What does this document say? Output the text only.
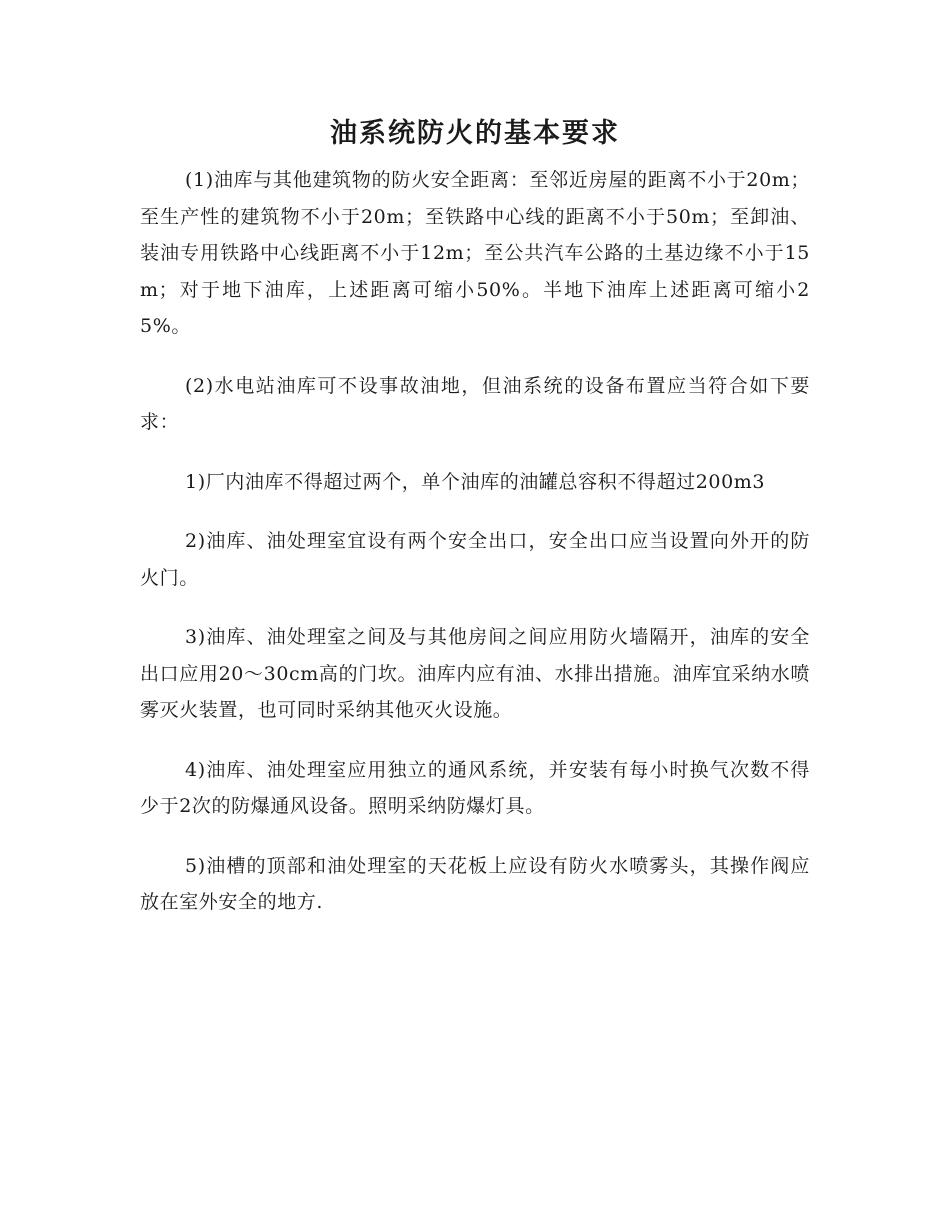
油系统防火的基本要求

(1)油库与其他建筑物的防火安全距离：至邻近房屋的距离不小于20m；至生产性的建筑物不小于20m；至铁路中心线的距离不小于50m；至卸油、装油专用铁路中心线距离不小于12m；至公共汽车公路的土基边缘不小于15m；对于地下油库，上述距离可缩小50%。半地下油库上述距离可缩小25%。

(2)水电站油库可不设事故油地，但油系统的设备布置应当符合如下要求：

1)厂内油库不得超过两个，单个油库的油罐总容积不得超过200m3

2)油库、油处理室宜设有两个安全出口，安全出口应当设置向外开的防火门。

3)油库、油处理室之间及与其他房间之间应用防火墙隔开，油库的安全出口应用20～30cm高的门坎。油库内应有油、水排出措施。油库宜采纳水喷雾灭火装置，也可同时采纳其他灭火设施。

4)油库、油处理室应用独立的通风系统，并安装有每小时换气次数不得少于2次的防爆通风设备。照明采纳防爆灯具。

5)油槽的顶部和油处理室的天花板上应设有防火水喷雾头，其操作阀应放在室外安全的地方.
